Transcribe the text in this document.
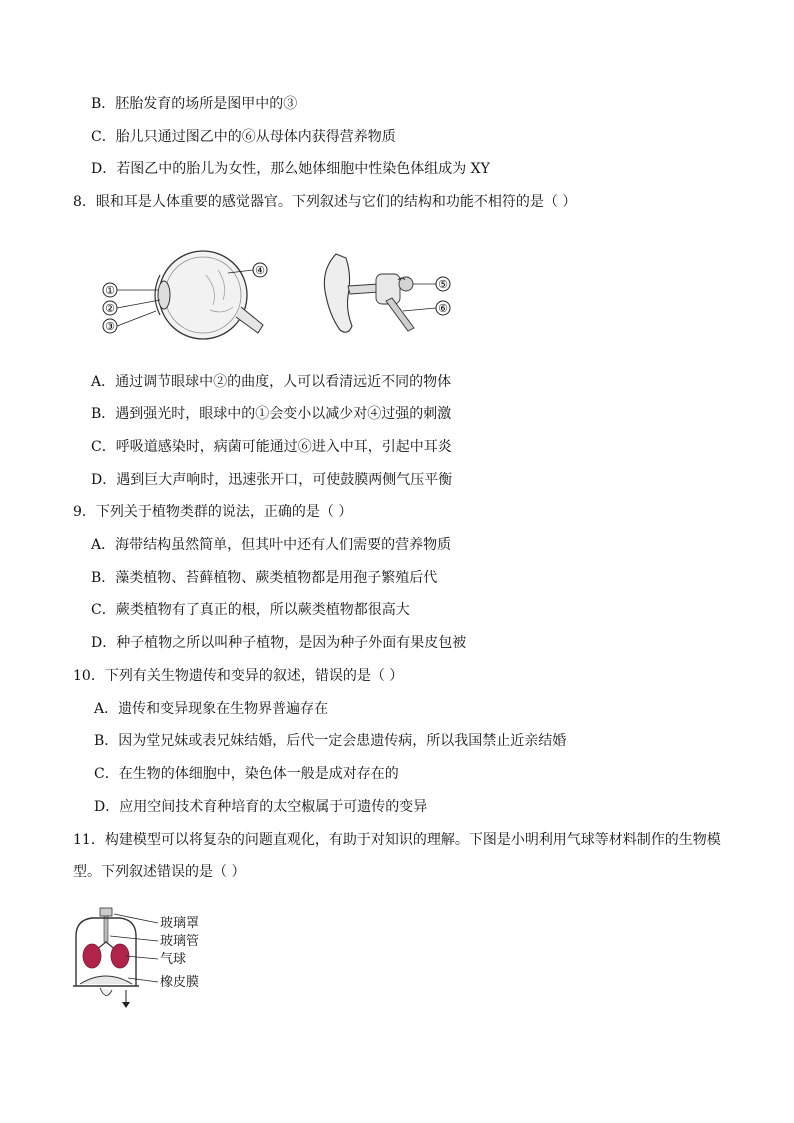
B．胚胎发育的场所是图甲中的③
C．胎儿只通过图乙中的⑥从母体内获得营养物质
D．若图乙中的胎儿为女性，那么她体细胞中性染色体组成为 XY
8．眼和耳是人体重要的感觉器官。下列叙述与它们的结构和功能不相符的是（ ）
①
②
③
④
⑤
⑥
A．通过调节眼球中②的曲度，人可以看清远近不同的物体
B．遇到强光时，眼球中的①会变小以减少对④过强的刺激
C．呼吸道感染时，病菌可能通过⑥进入中耳，引起中耳炎
D．遇到巨大声响时，迅速张开口，可使鼓膜两侧气压平衡
9．下列关于植物类群的说法，正确的是（ ）
A．海带结构虽然简单，但其叶中还有人们需要的营养物质
B．藻类植物、苔藓植物、蕨类植物都是用孢子繁殖后代
C．蕨类植物有了真正的根，所以蕨类植物都很高大
D．种子植物之所以叫种子植物，是因为种子外面有果皮包被
10．下列有关生物遗传和变异的叙述，错误的是（ ）
A．遗传和变异现象在生物界普遍存在
B．因为堂兄妹或表兄妹结婚，后代一定会患遗传病，所以我国禁止近亲结婚
C．在生物的体细胞中，染色体一般是成对存在的
D．应用空间技术育种培育的太空椒属于可遗传的变异
11．构建模型可以将复杂的问题直观化，有助于对知识的理解。下图是小明利用气球等材料制作的生物模
型。下列叙述错误的是（ ）
玻璃罩
玻璃管
气球
橡皮膜
